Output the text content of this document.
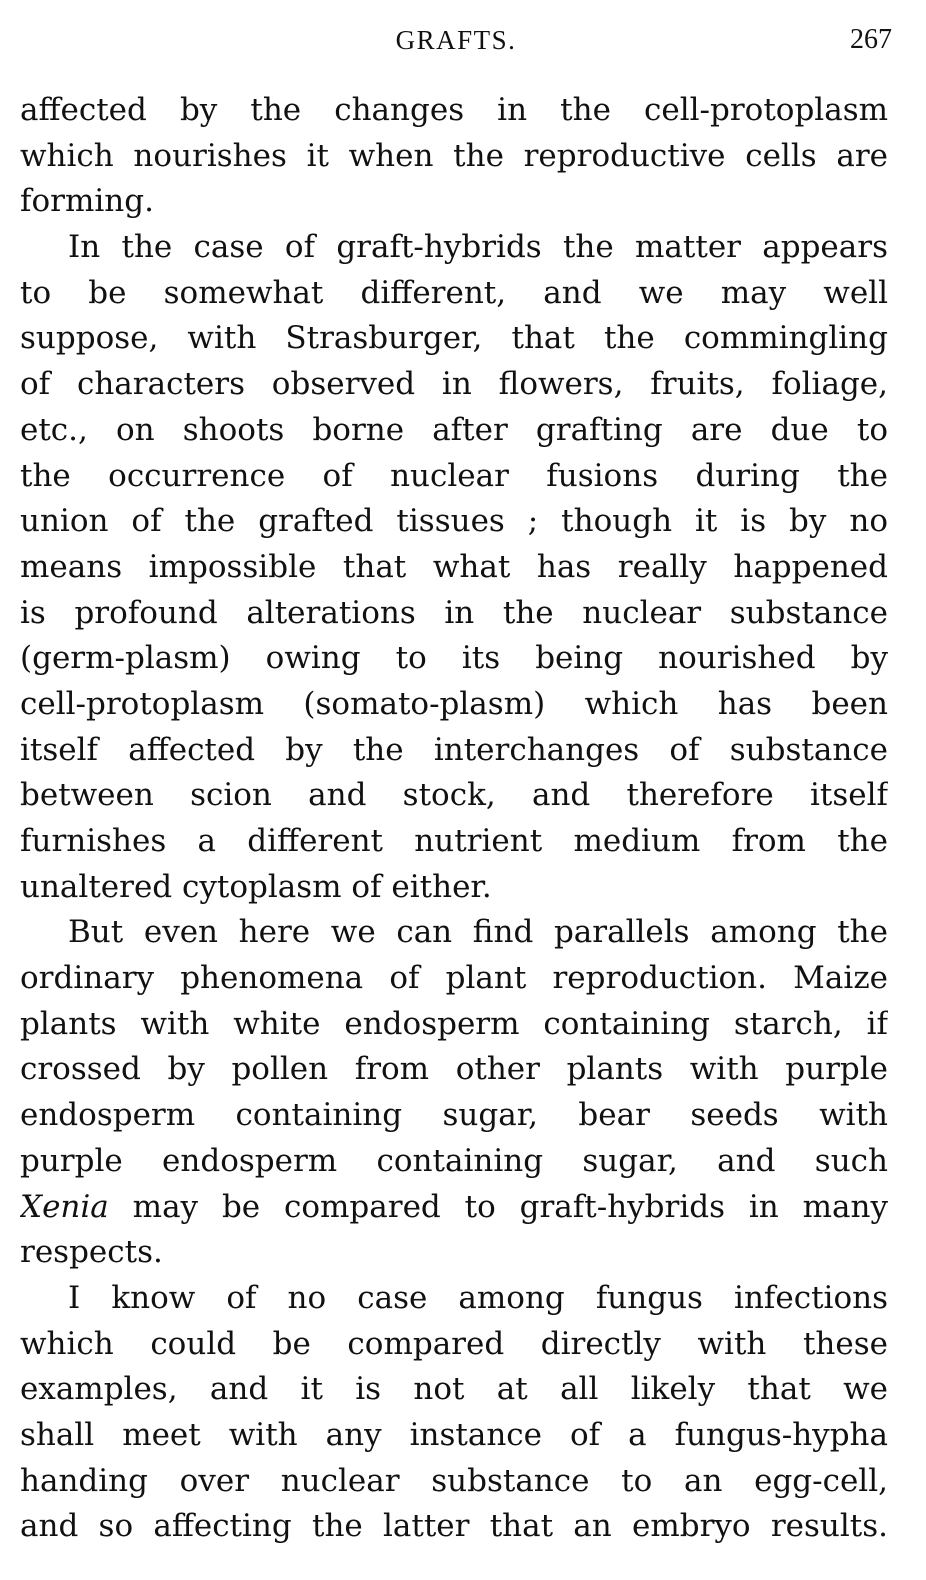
GRAFTS.	267
affected by the changes in the cell-protoplasm
which nourishes it when the reproductive cells are
forming.
In the case of graft-hybrids the matter appears
to be somewhat different, and we may well
suppose, with Strasburger, that the commingling
of characters observed in flowers, fruits, foliage,
etc., on shoots borne after grafting are due to
the occurrence of nuclear fusions during the
union of the grafted tissues ; though it is by no
means impossible that what has really happened
is profound alterations in the nuclear substance
(germ-plasm) owing to its being nourished by
cell-protoplasm (somato-plasm) which has been
itself affected by the interchanges of substance
between scion and stock, and therefore itself
furnishes a different nutrient medium from the
unaltered cytoplasm of either.
But even here we can find parallels among the
ordinary phenomena of plant reproduction. Maize
plants with white endosperm containing starch, if
crossed by pollen from other plants with purple
endosperm containing sugar, bear seeds with
purple endosperm containing sugar, and such
Xenia may be compared to graft-hybrids in many
respects.
I know of no case among fungus infections
which could be compared directly with these
examples, and it is not at all likely that we
shall meet with any instance of a fungus-hypha
handing over nuclear substance to an egg-cell,
and so affecting the latter that an embryo results.
